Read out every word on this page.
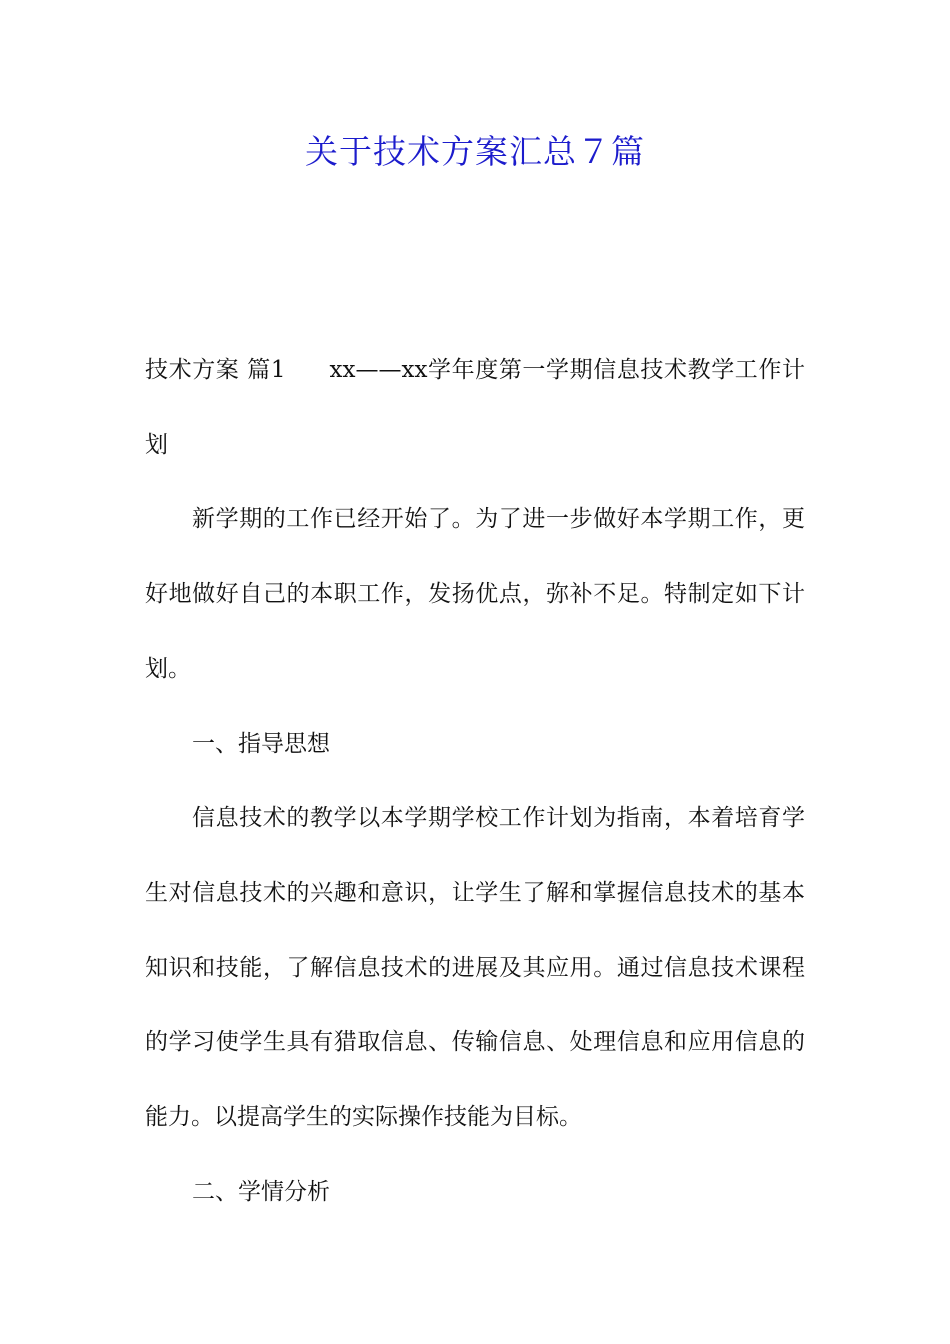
关于技术方案汇总７篇

技术方案 篇1 xx——xx学年度第一学期信息技术教学工作计划

新学期的工作已经开始了。为了进一步做好本学期工作，更好地做好自己的本职工作，发扬优点，弥补不足。特制定如下计划。

一、指导思想

信息技术的教学以本学期学校工作计划为指南，本着培育学生对信息技术的兴趣和意识，让学生了解和掌握信息技术的基本知识和技能，了解信息技术的进展及其应用。通过信息技术课程的学习使学生具有猎取信息、传输信息、处理信息和应用信息的能力。以提高学生的实际操作技能为目标。

二、学情分析
